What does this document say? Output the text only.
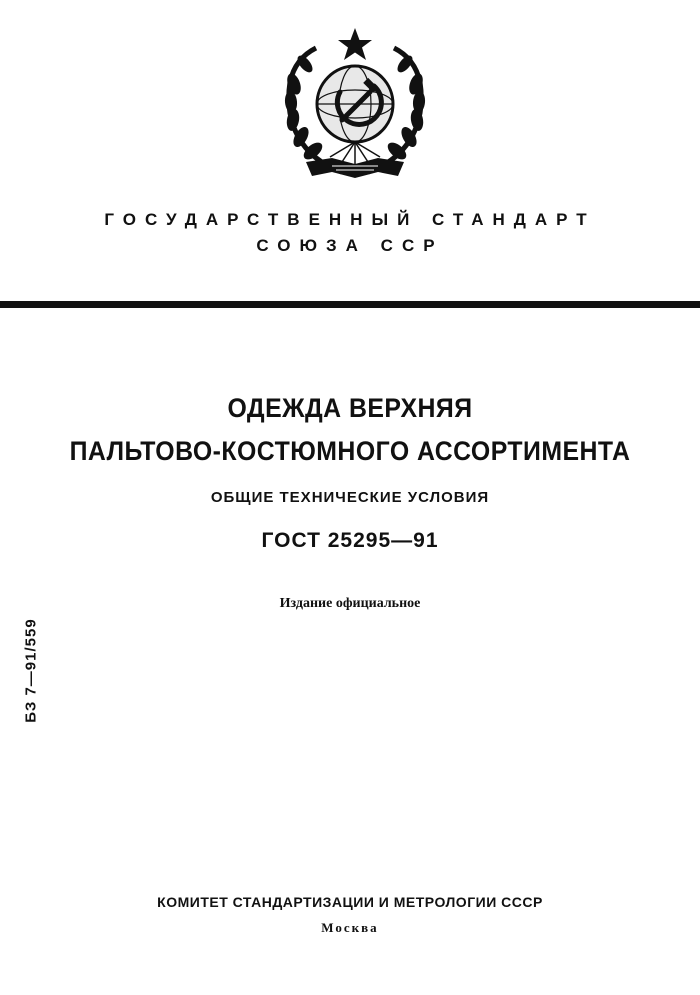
ГОСУДАРСТВЕННЫЙ СТАНДАРТ
СОЮЗА ССР
ОДЕЖДА ВЕРХНЯЯ
ПАЛЬТОВО-КОСТЮМНОГО АССОРТИМЕНТА
ОБЩИЕ ТЕХНИЧЕСКИЕ УСЛОВИЯ
ГОСТ 25295—91
Издание официальное
БЗ 7—91/559
КОМИТЕТ СТАНДАРТИЗАЦИИ И МЕТРОЛОГИИ СССР
Москва
